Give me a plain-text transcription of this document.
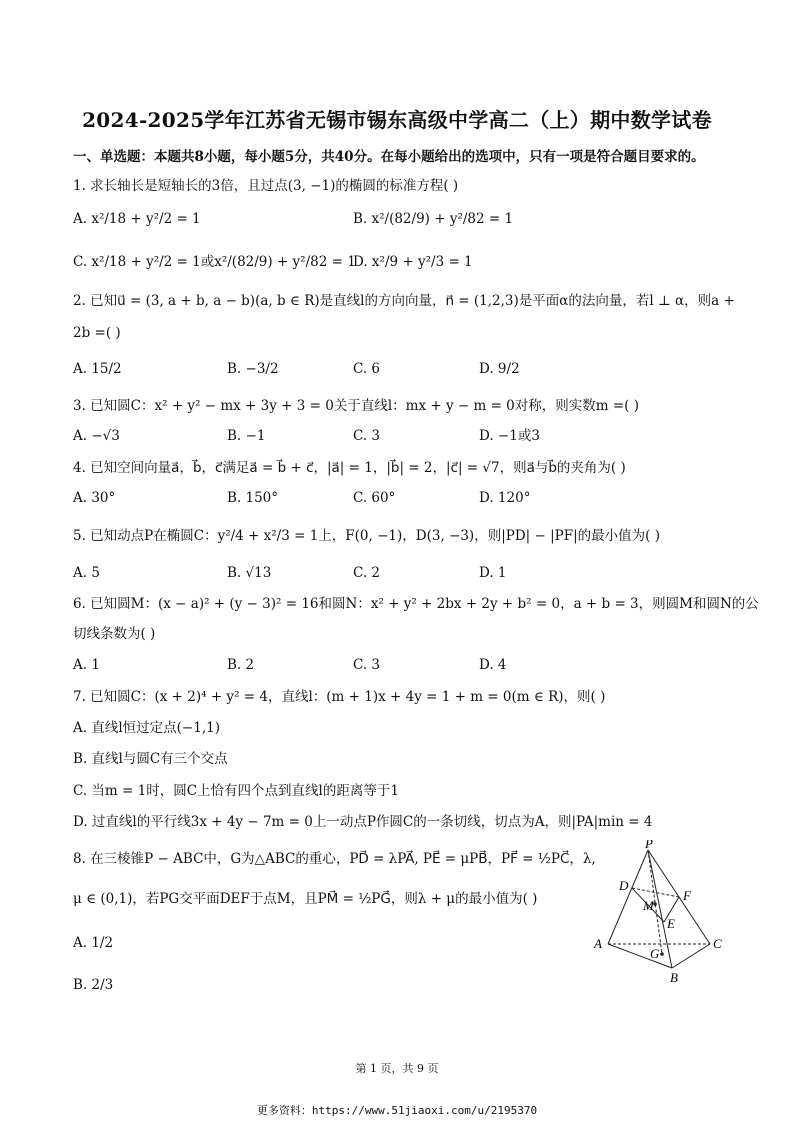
2024-2025学年江苏省无锡市锡东高级中学高二（上）期中数学试卷
一、单选题：本题共8小题，每小题5分，共40分。在每小题给出的选项中，只有一项是符合题目要求的。
1. 求长轴长是短轴长的3倍，且过点(3, −1)的椭圆的标准方程( )
A. x²/18 + y²/2 = 1	B. x²/(82/9) + y²/82 = 1
C. x²/18 + y²/2 = 1或x²/(82/9) + y²/82 = 1
D. x²/9 + y²/3 = 1
2. 已知u⃗ = (3, a + b, a − b)(a, b ∈ R)是直线l的方向向量，n⃗ = (1,2,3)是平面α的法向量，若l ⊥ α，则a +
2b =( )
A. 15/2	B. −3/2	C. 6	D. 9/2
3. 已知圆C：x² + y² − mx + 3y + 3 = 0关于直线l：mx + y − m = 0对称，则实数m =( )
A. −√3	B. −1	C. 3	D. −1或3
4. 已知空间向量a⃗，b⃗，c⃗满足a⃗ = b⃗ + c⃗，|a⃗| = 1，|b⃗| = 2，|c⃗| = √7，则a⃗与b⃗的夹角为( )
A. 30°	B. 150°	C. 60°	D. 120°
5. 已知动点P在椭圆C：y²/4 + x²/3 = 1上，F(0, −1)，D(3, −3)，则|PD| − |PF|的最小值为( )
A. 5	B. √13	C. 2	D. 1
6. 已知圆M：(x − a)² + (y − 3)² = 16和圆N：x² + y² + 2bx + 2y + b² = 0，a + b = 3，则圆M和圆N的公
切线条数为( )
A. 1	B. 2	C. 3	D. 4
7. 已知圆C：(x + 2)⁴ + y² = 4，直线l：(m + 1)x + 4y = 1 + m = 0(m ∈ R)，则( )
A. 直线l恒过定点(−1,1)
B. 直线l与圆C有三个交点
C. 当m = 1时，圆C上恰有四个点到直线l的距离等于1
D. 过直线l的平行线3x + 4y − 7m = 0上一动点P作圆C的一条切线，切点为A，则|PA|min = 4
8. 在三棱锥P − ABC中，G为△ABC的重心，PD⃗ = λPA⃗, PE⃗ = μPB⃗，PF⃗ = ½PC⃗，λ,
μ ∈ (0,1)，若PG交平面DEF于点M，且PM⃗ = ½PG⃗，则λ + μ的最小值为( )
A. 1/2
B. 2/3
P
D
F
M
E
A	C
G
B
第 1 页，共 9 页
更多资料：https://www.51jiaoxi.com/u/2195370
